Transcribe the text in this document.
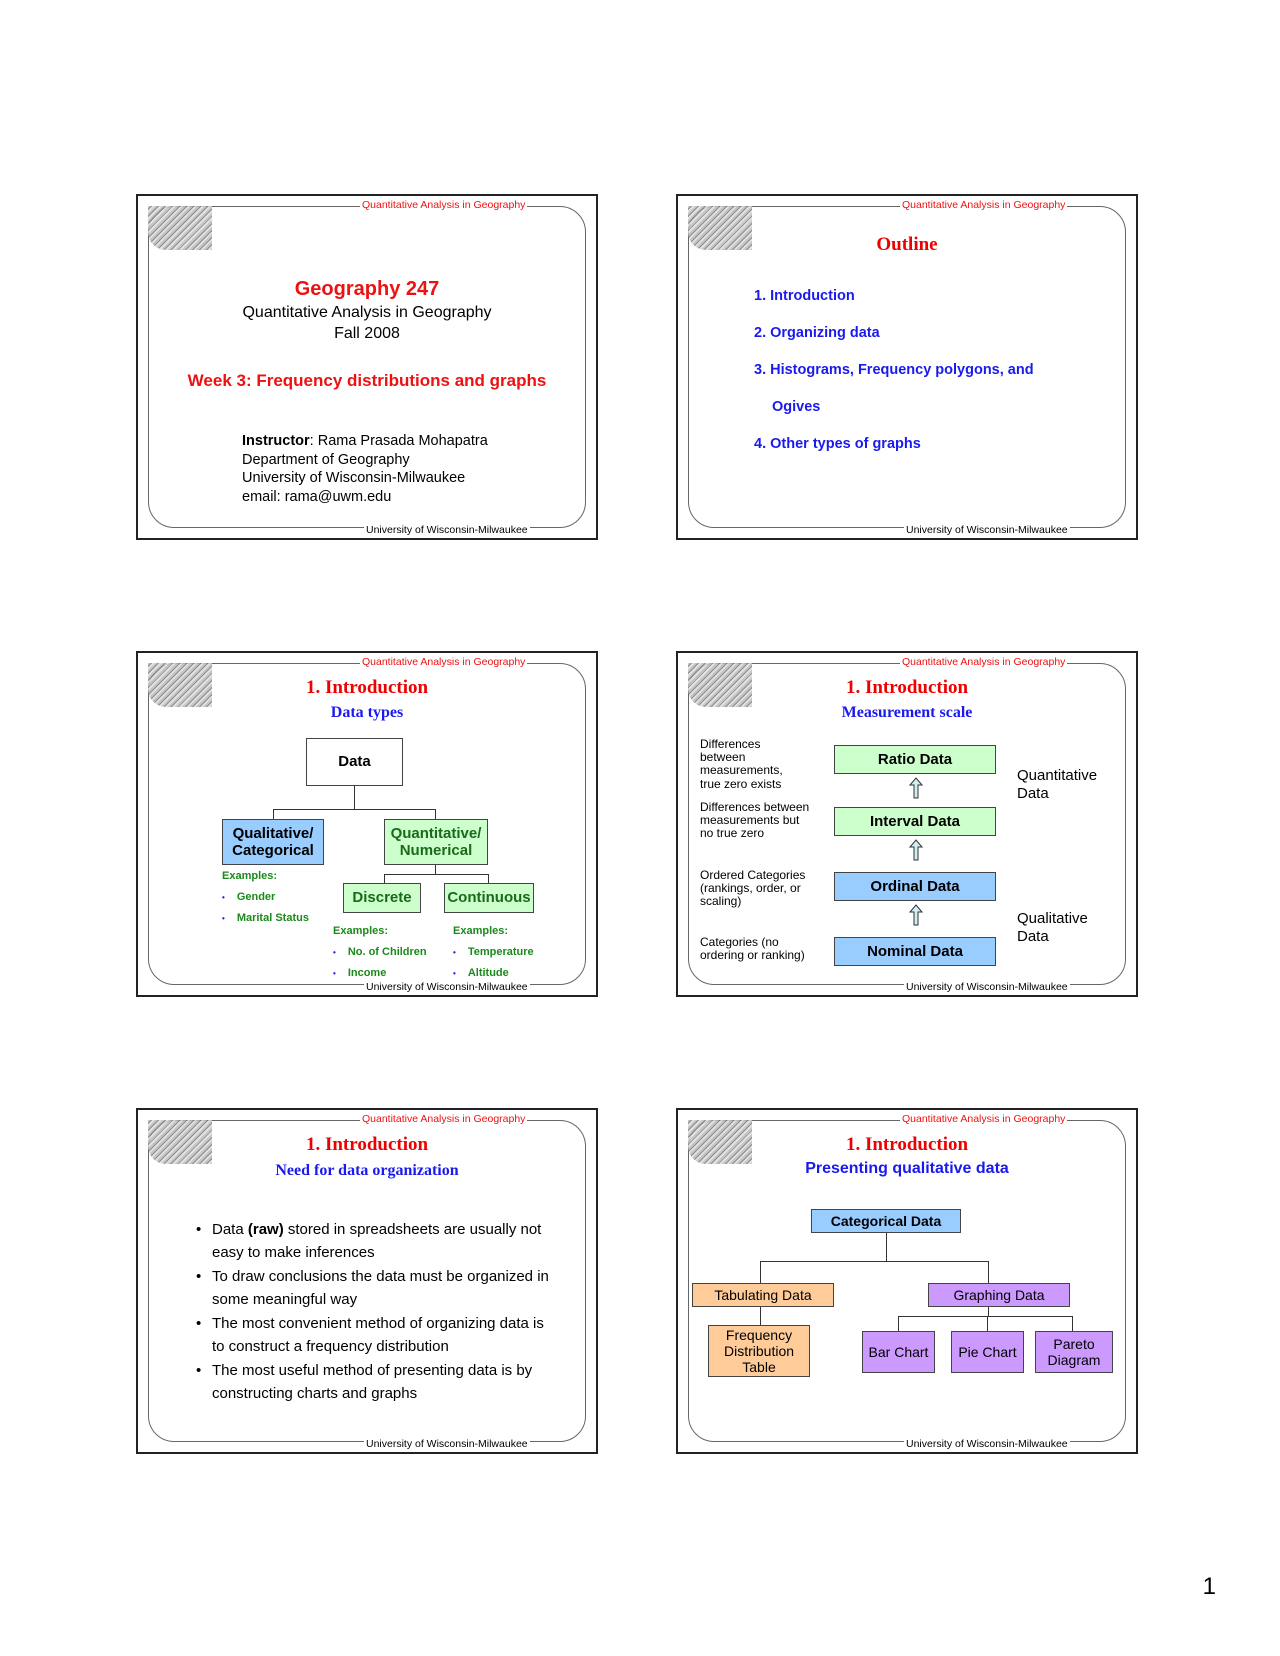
Quantitative Analysis in Geography
University of Wisconsin-Milwaukee
Geography 247
Quantitative Analysis in Geography
Fall 2008
Week 3: Frequency distributions and graphs
Instructor: Rama Prasada Mohapatra
Department of Geography
University of Wisconsin-Milwaukee
email: rama@uwm.edu
Quantitative Analysis in Geography
University of Wisconsin-Milwaukee
Outline
1. Introduction
2. Organizing data
3. Histograms, Frequency polygons, and
Ogives
4. Other types of graphs
Quantitative Analysis in Geography
University of Wisconsin-Milwaukee
1. Introduction
Data types
Data
Qualitative/ Categorical
Quantitative/ Numerical
Discrete	Continuous
Examples:
• Gender
• Marital Status
Examples:
• No. of Children
• Income
Examples:
• Temperature
• Altitude
Quantitative Analysis in Geography
University of Wisconsin-Milwaukee
1. Introduction
Measurement scale
Differences between measurements, true zero exists
Differences between measurements but no true zero
Ordered Categories (rankings, order, or scaling)
Categories (no ordering or ranking)
Ratio Data
Interval Data
Ordinal Data
Nominal Data
Quantitative Data
Qualitative Data
Quantitative Analysis in Geography
University of Wisconsin-Milwaukee
1. Introduction
Need for data organization
• Data (raw) stored in spreadsheets are usually not easy to make inferences
• To draw conclusions the data must be organized in some meaningful way
• The most convenient method of organizing data is to construct a frequency distribution
• The most useful method of presenting data is by constructing charts and graphs
Quantitative Analysis in Geography
University of Wisconsin-Milwaukee
1. Introduction
Presenting qualitative data
Categorical Data
Tabulating Data	Graphing Data
Frequency Distribution Table
Bar Chart	Pie Chart
Pareto Diagram
1
